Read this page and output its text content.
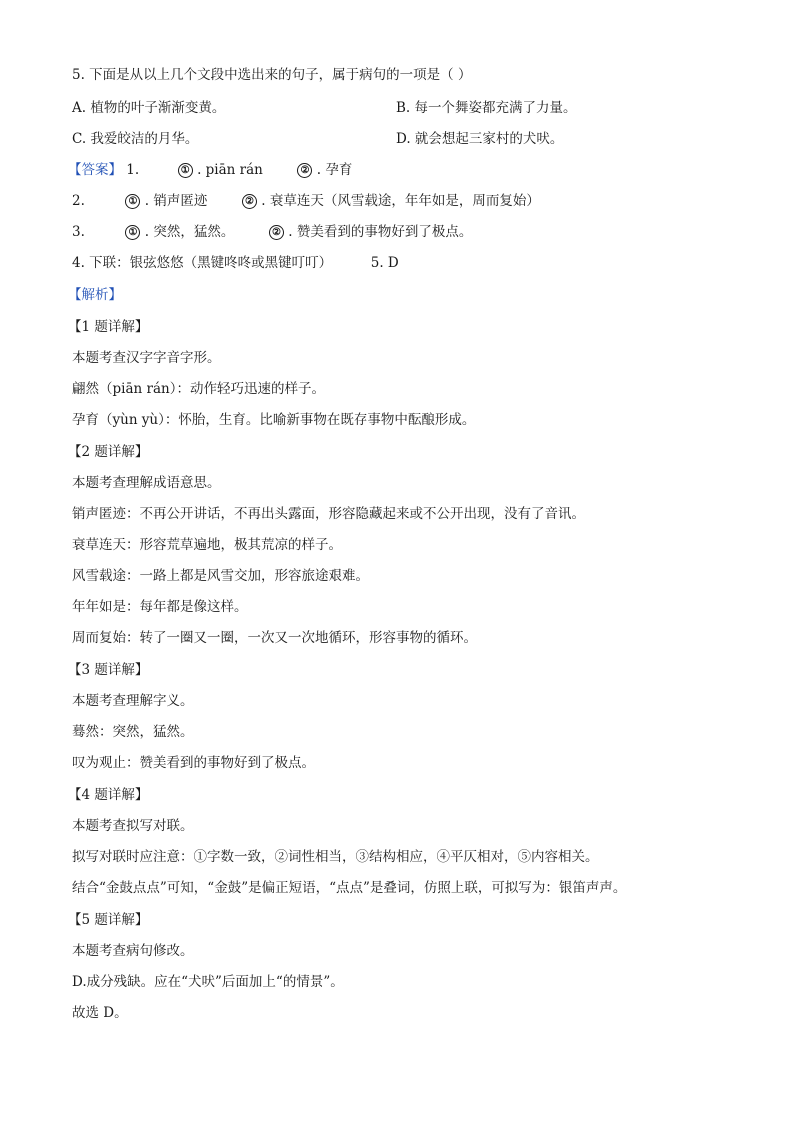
5. 下面是从以上几个文段中选出来的句子，属于病句的一项是（ ）
A. 植物的叶子渐渐变黄。	B. 每一个舞姿都充满了力量。
C. 我爱皎洁的月华。	D. 就会想起三家村的犬吠。
【答案】 1.	① . piān rán	② . 孕育
2.	① . 销声匿迹	② . 衰草连天（风雪载途，年年如是，周而复始）
3.	① . 突然，猛然。	② . 赞美看到的事物好到了极点。
4. 下联：银弦悠悠（黑键咚咚或黑键叮叮）	5. D
【解析】
【1 题详解】
本题考查汉字字音字形。
翩然（piān rán）：动作轻巧迅速的样子。
孕育（yùn yù）：怀胎，生育。比喻新事物在既存事物中酝酿形成。
【2 题详解】
本题考查理解成语意思。
销声匿迹：不再公开讲话，不再出头露面，形容隐藏起来或不公开出现，没有了音讯。
衰草连天：形容荒草遍地，极其荒凉的样子。
风雪载途：一路上都是风雪交加，形容旅途艰难。
年年如是：每年都是像这样。
周而复始：转了一圈又一圈，一次又一次地循环，形容事物的循环。
【3 题详解】
本题考查理解字义。
蓦然：突然，猛然。
叹为观止：赞美看到的事物好到了极点。
【4 题详解】
本题考查拟写对联。
拟写对联时应注意：①字数一致，②词性相当，③结构相应，④平仄相对，⑤内容相关。
结合“金鼓点点”可知，“金鼓”是偏正短语，“点点”是叠词，仿照上联，可拟写为：银笛声声。
【5 题详解】
本题考查病句修改。
D.成分残缺。应在“犬吠”后面加上“的情景”。
故选 D。
